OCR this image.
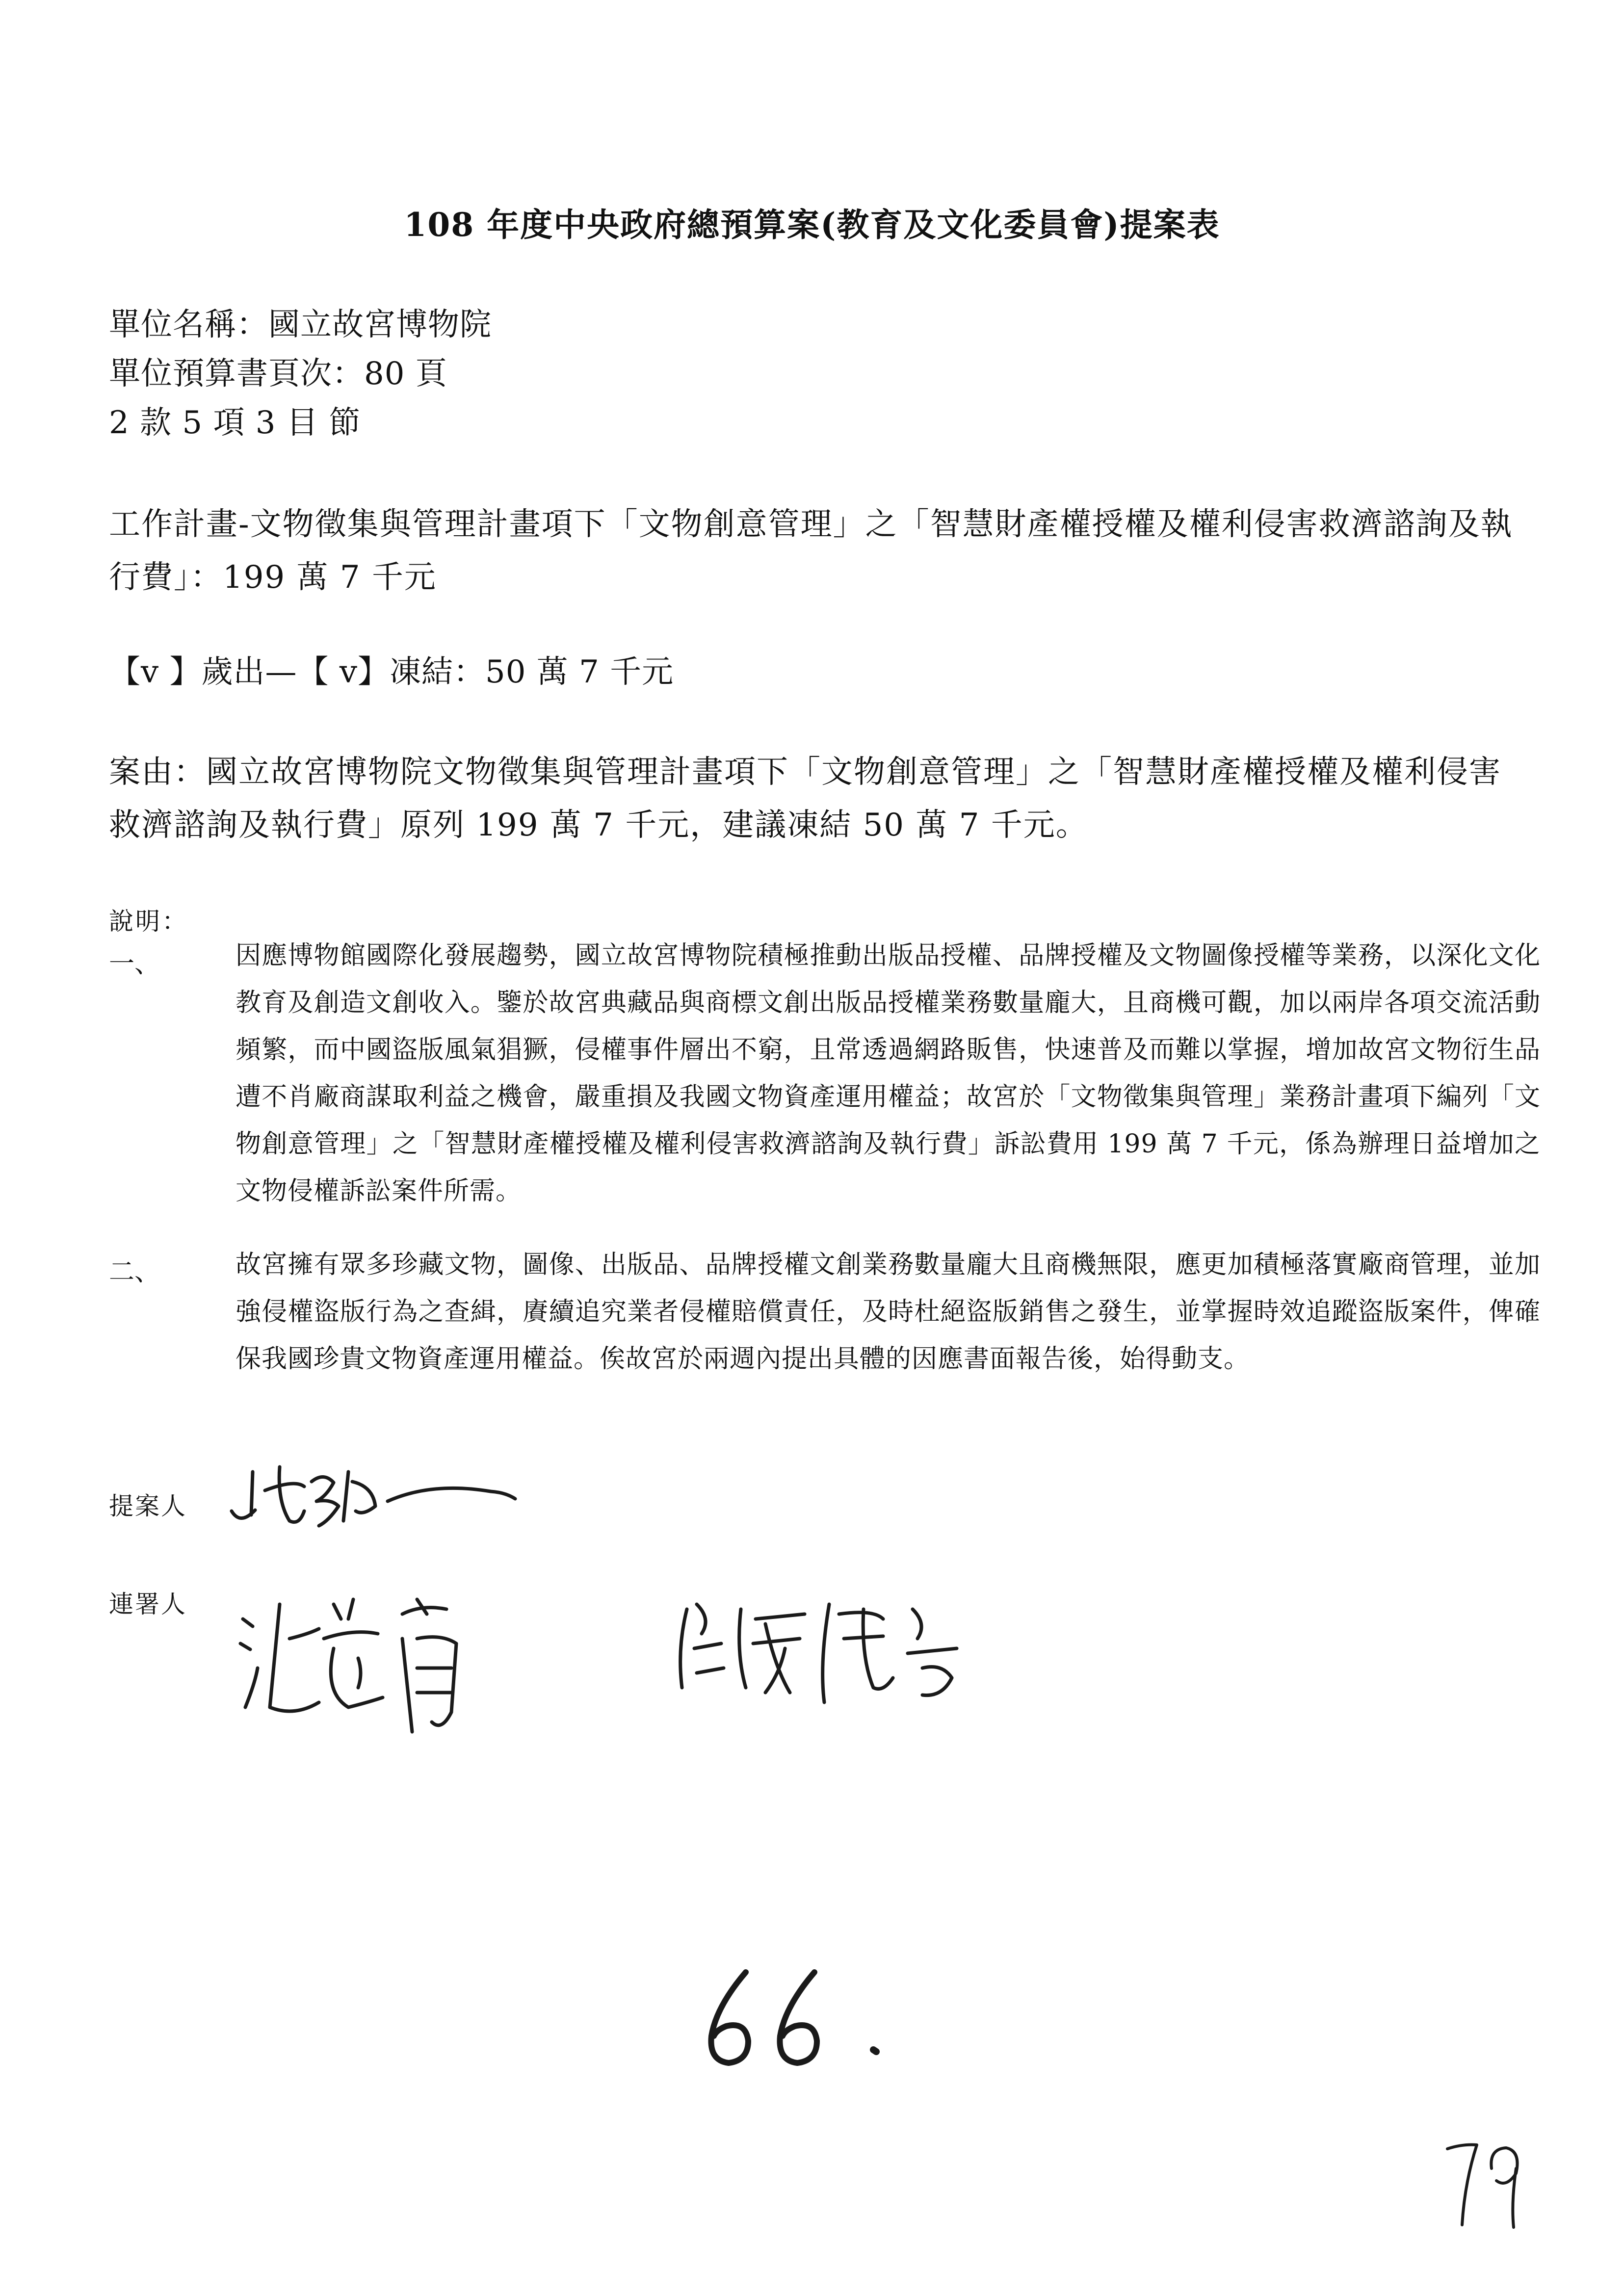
108 年度中央政府總預算案(教育及文化委員會)提案表
單位名稱：國立故宮博物院
單位預算書頁次：80 頁
2 款 5 項 3 目 節
工作計畫-文物徵集與管理計畫項下「文物創意管理」之「智慧財產權授權及權利侵害救濟諮詢及執行費」：199 萬 7 千元
【v 】歲出—【 v】凍結：50 萬 7 千元
案由：國立故宮博物院文物徵集與管理計畫項下「文物創意管理」之「智慧財產權授權及權利侵害救濟諮詢及執行費」原列 199 萬 7 千元，建議凍結 50 萬 7 千元。
說明：
一、	因應博物館國際化發展趨勢，國立故宮博物院積極推動出版品授權、品牌授權及文物圖像授權等業務，以深化文化教育及創造文創收入。鑒於故宮典藏品與商標文創出版品授權業務數量龐大，且商機可觀，加以兩岸各項交流活動頻繁，而中國盜版風氣猖獗，侵權事件層出不窮，且常透過網路販售，快速普及而難以掌握，增加故宮文物衍生品遭不肖廠商謀取利益之機會，嚴重損及我國文物資產運用權益；故宮於「文物徵集與管理」業務計畫項下編列「文物創意管理」之「智慧財產權授權及權利侵害救濟諮詢及執行費」訴訟費用 199 萬 7 千元，係為辦理日益增加之文物侵權訴訟案件所需。
二、	故宮擁有眾多珍藏文物，圖像、出版品、品牌授權文創業務數量龐大且商機無限，應更加積極落實廠商管理，並加強侵權盜版行為之查緝，賡續追究業者侵權賠償責任，及時杜絕盜版銷售之發生，並掌握時效追蹤盜版案件，俾確保我國珍貴文物資產運用權益。俟故宮於兩週內提出具體的因應書面報告後，始得動支。
提案人
連署人
